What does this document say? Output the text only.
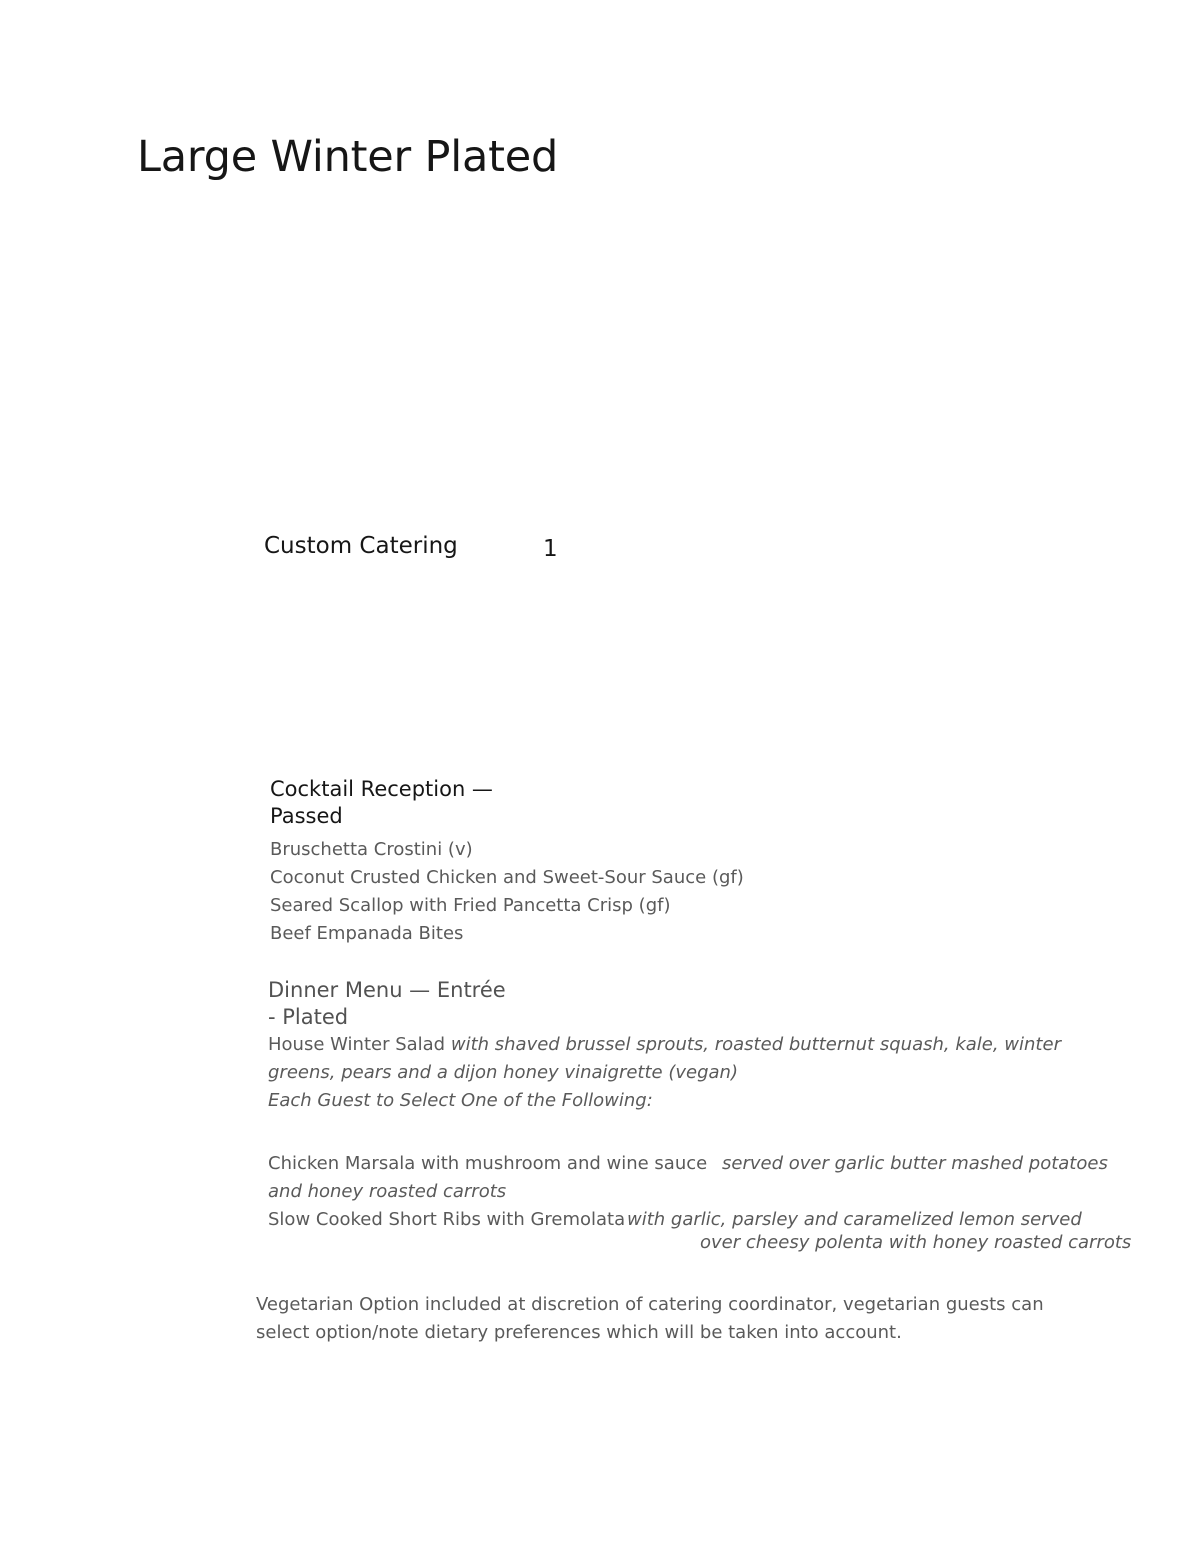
Large Winter Plated
Custom Catering	1
Cocktail Reception —
Passed
Bruschetta Crostini (v)
Coconut Crusted Chicken and Sweet-Sour Sauce (gf)
Seared Scallop with Fried Pancetta Crisp (gf)
Beef Empanada Bites
Dinner Menu — Entrée
- Plated
House Winter Salad with shaved brussel sprouts, roasted butternut squash, kale, winter
greens, pears and a dijon honey vinaigrette (vegan)
Each Guest to Select One of the Following:
Chicken Marsala with mushroom and wine sauce served over garlic butter mashed potatoes
and honey roasted carrots
Slow Cooked Short Ribs with Gremolata with garlic, parsley and caramelized lemon served
over cheesy polenta with honey roasted carrots
Vegetarian Option included at discretion of catering coordinator, vegetarian guests can
select option/note dietary preferences which will be taken into account.
